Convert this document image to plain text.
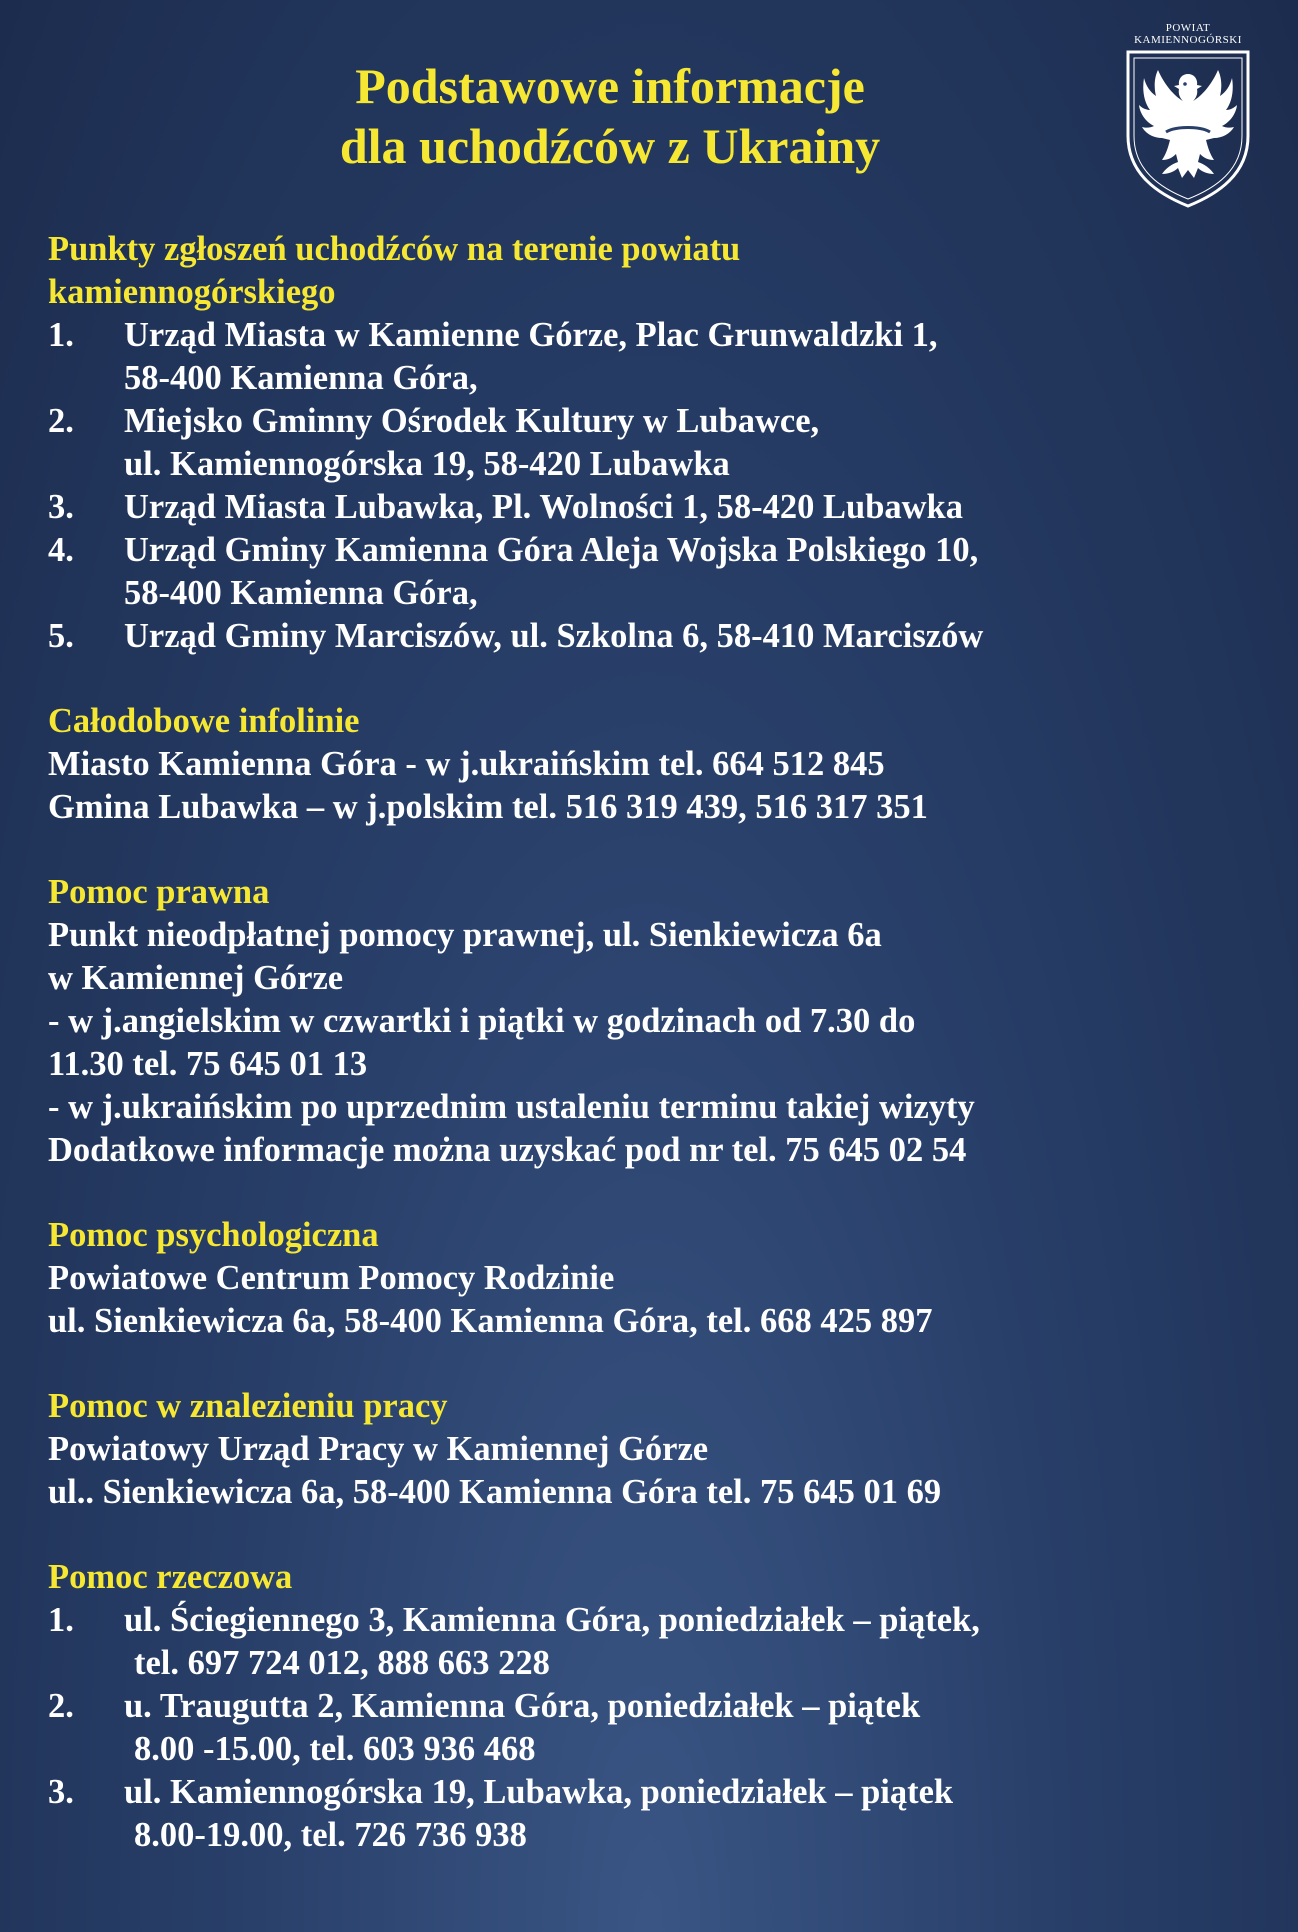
Podstawowe informacje
dla uchodźców z Ukrainy
POWIAT
KAMIENNOGÓRSKI
Punkty zgłoszeń uchodźców na terenie powiatu
kamiennogórskiego
1.	Urząd Miasta w Kamienne Górze, Plac Grunwaldzki 1,
58-400 Kamienna Góra,
2.	Miejsko Gminny Ośrodek Kultury w Lubawce,
ul. Kamiennogórska 19, 58-420 Lubawka
3.	Urząd Miasta Lubawka, Pl. Wolności 1, 58-420 Lubawka
4.	Urząd Gminy Kamienna Góra Aleja Wojska Polskiego 10,
58-400 Kamienna Góra,
5.	Urząd Gminy Marciszów, ul. Szkolna 6, 58-410 Marciszów
Całodobowe infolinie
Miasto Kamienna Góra - w j.ukraińskim tel. 664 512 845
Gmina Lubawka – w j.polskim tel. 516 319 439, 516 317 351
Pomoc prawna
Punkt nieodpłatnej pomocy prawnej, ul. Sienkiewicza 6a
w Kamiennej Górze
- w j.angielskim w czwartki i piątki w godzinach od 7.30 do
11.30 tel. 75 645 01 13
- w j.ukraińskim po uprzednim ustaleniu terminu takiej wizyty
Dodatkowe informacje można uzyskać pod nr tel. 75 645 02 54
Pomoc psychologiczna
Powiatowe Centrum Pomocy Rodzinie
ul. Sienkiewicza 6a, 58-400 Kamienna Góra, tel. 668 425 897
Pomoc w znalezieniu pracy
Powiatowy Urząd Pracy w Kamiennej Górze
ul.. Sienkiewicza 6a, 58-400 Kamienna Góra tel. 75 645 01 69
Pomoc rzeczowa
1.	ul. Ściegiennego 3, Kamienna Góra, poniedziałek – piątek,
tel. 697 724 012, 888 663 228
2.	u. Traugutta 2, Kamienna Góra, poniedziałek – piątek
8.00 -15.00, tel. 603 936 468
3.	ul. Kamiennogórska 19, Lubawka, poniedziałek – piątek
8.00-19.00, tel. 726 736 938
